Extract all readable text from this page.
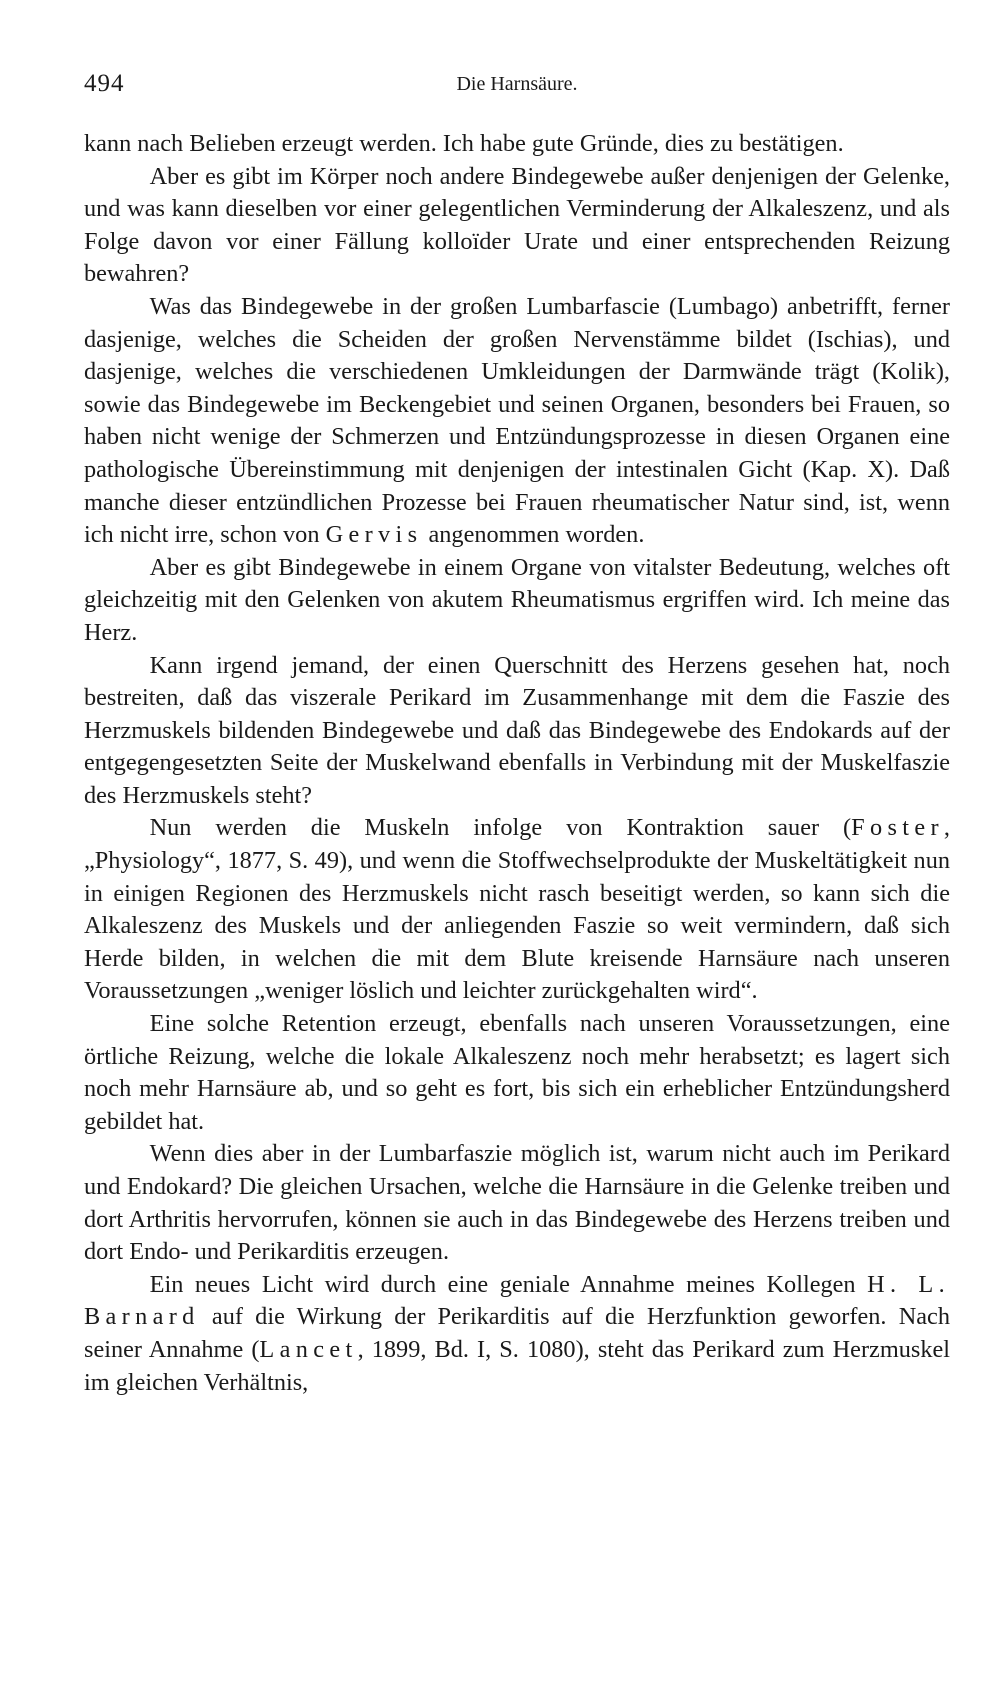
494	Die Harnsäure.

kann nach Belieben erzeugt werden. Ich habe gute Gründe, dies zu bestätigen.

Aber es gibt im Körper noch andere Bindegewebe außer denjenigen der Gelenke, und was kann dieselben vor einer gelegentlichen Verminderung der Alkaleszenz, und als Folge davon vor einer Fällung kolloïder Urate und einer entsprechenden Reizung bewahren?

Was das Bindegewebe in der großen Lumbarfascie (Lumbago) anbetrifft, ferner dasjenige, welches die Scheiden der großen Nervenstämme bildet (Ischias), und dasjenige, welches die verschiedenen Umkleidungen der Darmwände trägt (Kolik), sowie das Bindegewebe im Beckengebiet und seinen Organen, besonders bei Frauen, so haben nicht wenige der Schmerzen und Entzündungsprozesse in diesen Organen eine pathologische Übereinstimmung mit denjenigen der intestinalen Gicht (Kap. X). Daß manche dieser entzündlichen Prozesse bei Frauen rheumatischer Natur sind, ist, wenn ich nicht irre, schon von Gervis angenommen worden.

Aber es gibt Bindegewebe in einem Organe von vitalster Bedeutung, welches oft gleichzeitig mit den Gelenken von akutem Rheumatismus ergriffen wird. Ich meine das Herz.

Kann irgend jemand, der einen Querschnitt des Herzens gesehen hat, noch bestreiten, daß das viszerale Perikard im Zusammenhange mit dem die Faszie des Herzmuskels bildenden Bindegewebe und daß das Bindegewebe des Endokards auf der entgegengesetzten Seite der Muskelwand ebenfalls in Verbindung mit der Muskelfaszie des Herzmuskels steht?

Nun werden die Muskeln infolge von Kontraktion sauer (Foster, „Physiology“, 1877, S. 49), und wenn die Stoffwechselprodukte der Muskeltätigkeit nun in einigen Regionen des Herzmuskels nicht rasch beseitigt werden, so kann sich die Alkaleszenz des Muskels und der anliegenden Faszie so weit vermindern, daß sich Herde bilden, in welchen die mit dem Blute kreisende Harnsäure nach unseren Voraussetzungen „weniger löslich und leichter zurückgehalten wird“.

Eine solche Retention erzeugt, ebenfalls nach unseren Voraussetzungen, eine örtliche Reizung, welche die lokale Alkaleszenz noch mehr herabsetzt; es lagert sich noch mehr Harnsäure ab, und so geht es fort, bis sich ein erheblicher Entzündungsherd gebildet hat.

Wenn dies aber in der Lumbarfaszie möglich ist, warum nicht auch im Perikard und Endokard? Die gleichen Ursachen, welche die Harnsäure in die Gelenke treiben und dort Arthritis hervorrufen, können sie auch in das Bindegewebe des Herzens treiben und dort Endo- und Perikarditis erzeugen.

Ein neues Licht wird durch eine geniale Annahme meines Kollegen H. L. Barnard auf die Wirkung der Perikarditis auf die Herzfunktion geworfen. Nach seiner Annahme (Lancet, 1899, Bd. I, S. 1080), steht das Perikard zum Herzmuskel im gleichen Verhältnis,
